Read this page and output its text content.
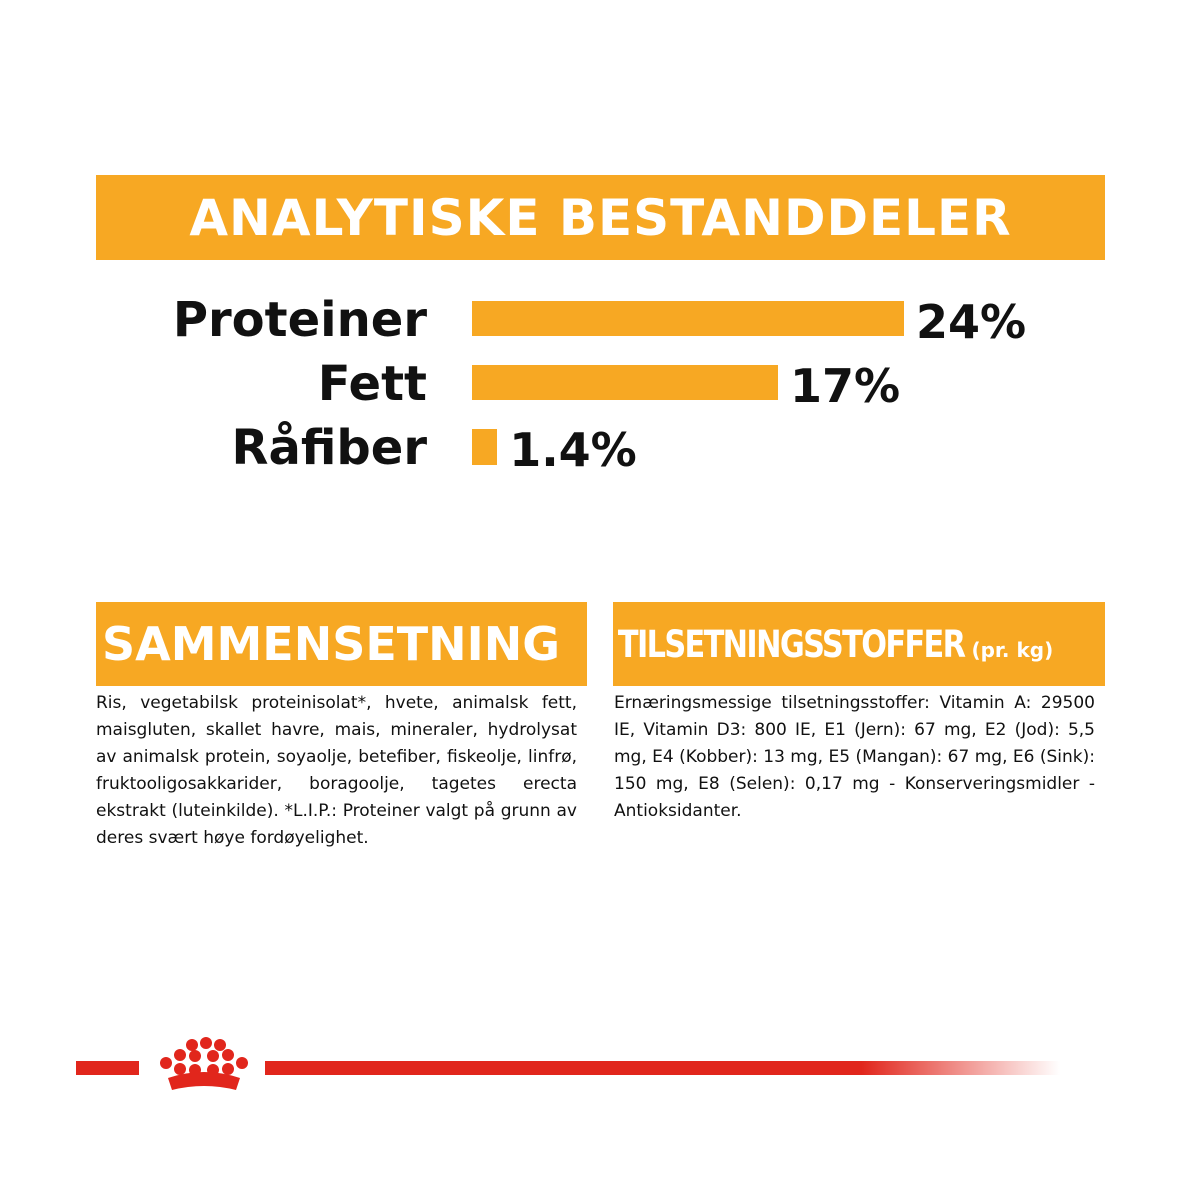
ANALYTISKE BESTANDDELER
Proteiner	24%
Fett	17%
Råfiber 1.4%
SAMMENSETNING
Ris, vegetabilsk proteinisolat*, hvete, animalsk fett, maisgluten, skallet havre, mais, mineraler, hydrolysat av animalsk protein, soyaolje, betefiber, fiskeolje, linfrø, fruktooligosakkarider, boragoolje, tagetes erecta ekstrakt (luteinkilde). *L.I.P.: Proteiner valgt på grunn av deres svært høye fordøyelighet.
TILSETNINGSSTOFFER (pr. kg)
Ernæringsmessige tilsetningsstoffer: Vitamin A: 29500 IE, Vitamin D3: 800 IE, E1 (Jern): 67 mg, E2 (Jod): 5,5 mg, E4 (Kobber): 13 mg, E5 (Mangan): 67 mg, E6 (Sink): 150 mg, E8 (Selen): 0,17 mg - Konserveringsmidler - Antioksidanter.
